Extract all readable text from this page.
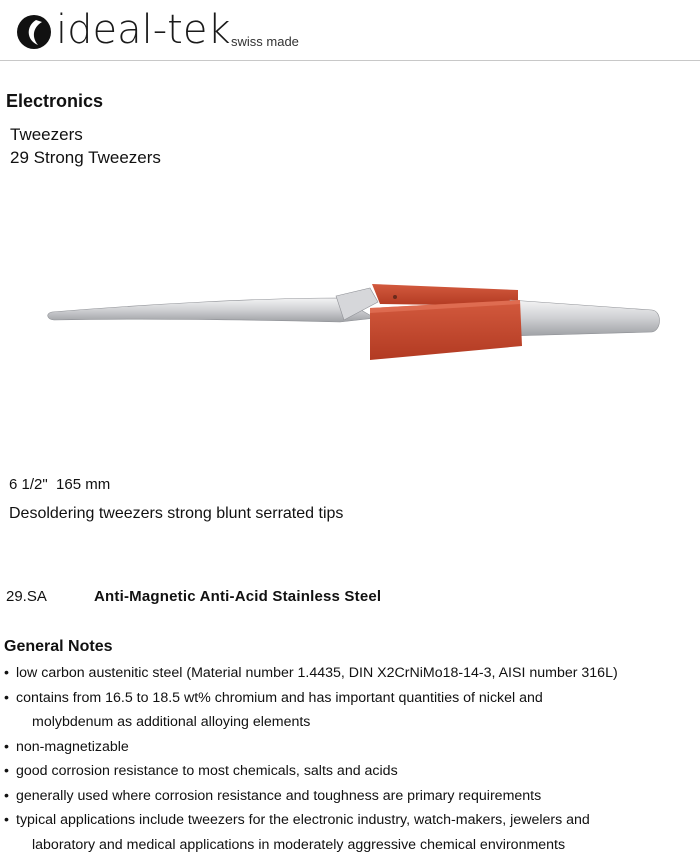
ideal-tek swiss made
Electronics
Tweezers
29 Strong Tweezers
6 1/2"  165 mm
Desoldering tweezers strong blunt serrated tips
29.SA	Anti-Magnetic Anti-Acid Stainless Steel
General Notes
• low carbon austenitic steel (Material number 1.4435, DIN X2CrNiMo18-14-3, AISI number 316L)
• contains from 16.5 to 18.5 wt% chromium and has important quantities of nickel and
molybdenum as additional alloying elements
• non-magnetizable
• good corrosion resistance to most chemicals, salts and acids
• generally used where corrosion resistance and toughness are primary requirements
• typical applications include tweezers for the electronic industry, watch-makers, jewelers and
laboratory and medical applications in moderately aggressive chemical environments
